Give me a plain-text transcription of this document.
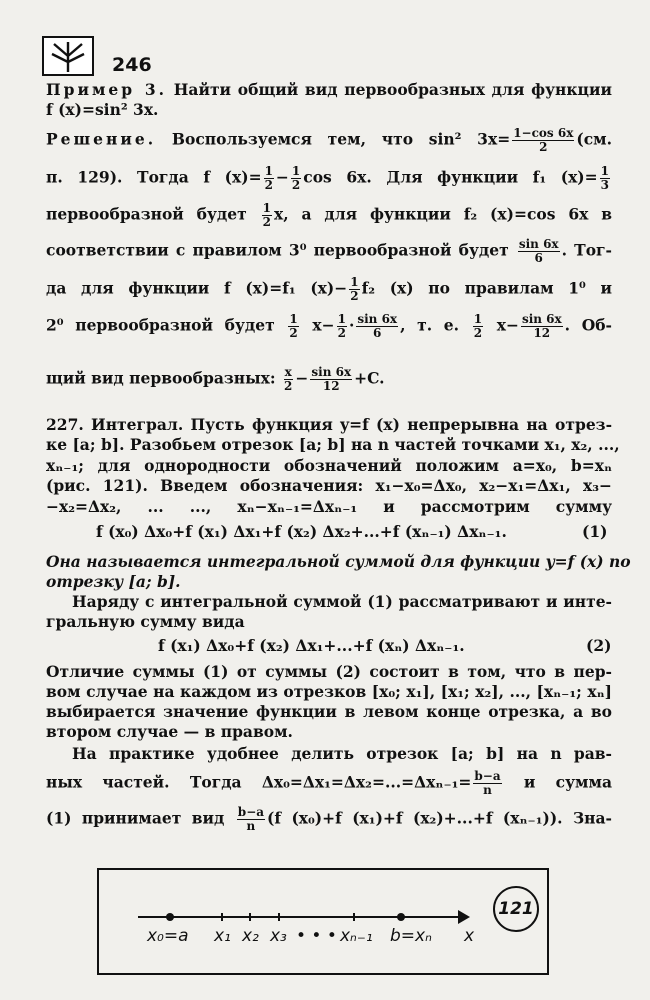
246
Пример 3. Найти общий вид первообразных для функции
f (x)=sin² 3x.
Решение. Воспользуемся тем, что sin² $3x= \frac{1-\cos 6x}{2} (см$.
п. 129). Тогда f $(x)= \frac{1}{2} - \frac{1}{2}$ cos 6x. Для функции f₁ $(x)= \frac{1}{3}$
первообразной будет $\frac{1}{2} x$, а для функции f₂ (x)=cos 6x в
соответствии с правилом 3⁰ первообразной будет $\frac{\sin 6x}{6}$ . Тог-
да для функции f (x)=f₁ $(x)- \frac{1}{2} f_2$ (x) по правилам 1⁰ и
2⁰ первообразной будет $\frac{1}{2} x- \frac{1}{2} \cdot \frac{\sin 6x}{6}$ , т. е. $\frac{1}{2} x- \frac{\sin 6x}{12}$ . Об-
щий вид первообразных: $\frac{x}{2} - \frac{\sin 6x}{12} +C$.
227. Интеграл. Пусть функция y=f (x) непрерывна на отрез-
ке [a; b]. Разобьем отрезок [a; b] на n частей точками x₁, x₂, ...,
xₙ₋₁; для однородности обозначений положим a=x₀, b=xₙ
(рис. 121). Введем обозначения: x₁−x₀=Δx₀, x₂−x₁=Δx₁, x₃−
−x₂=Δx₂, ... ..., xₙ−xₙ₋₁=Δxₙ₋₁ и рассмотрим сумму
f (x₀) Δx₀+f (x₁) Δx₁+f (x₂) Δx₂+...+f (xₙ₋₁) Δxₙ₋₁.	(1)
Она называется интегральной суммой для функции y=f (x) по
отрезку [a; b].
Наряду с интегральной суммой (1) рассматривают и инте-
гральную сумму вида
f (x₁) Δx₀+f (x₂) Δx₁+...+f (xₙ) Δxₙ₋₁.	(2)
Отличие суммы (1) от суммы (2) состоит в том, что в пер-
вом случае на каждом из отрезков [x₀; x₁], [x₁; x₂], ..., [xₙ₋₁; xₙ]
выбирается значение функции в левом конце отрезка, а во
втором случае — в правом.
На практике удобнее делить отрезок [a; b] на n рав-
ных частей. Тогда $\Delta x_0=\Delta x_1=\Delta x_2=...=\Delta x_{n-1}= \frac{b-a}{n}$ и сумма
(1) принимает вид $\frac{b-a}{n} (f$ (x₀)+f (x₁)+f (x₂)+...+f (xₙ₋₁)). Зна-
x₀=a x₁ x₂ x₃ • • • xₙ₋₁ b=xₙ x
121
